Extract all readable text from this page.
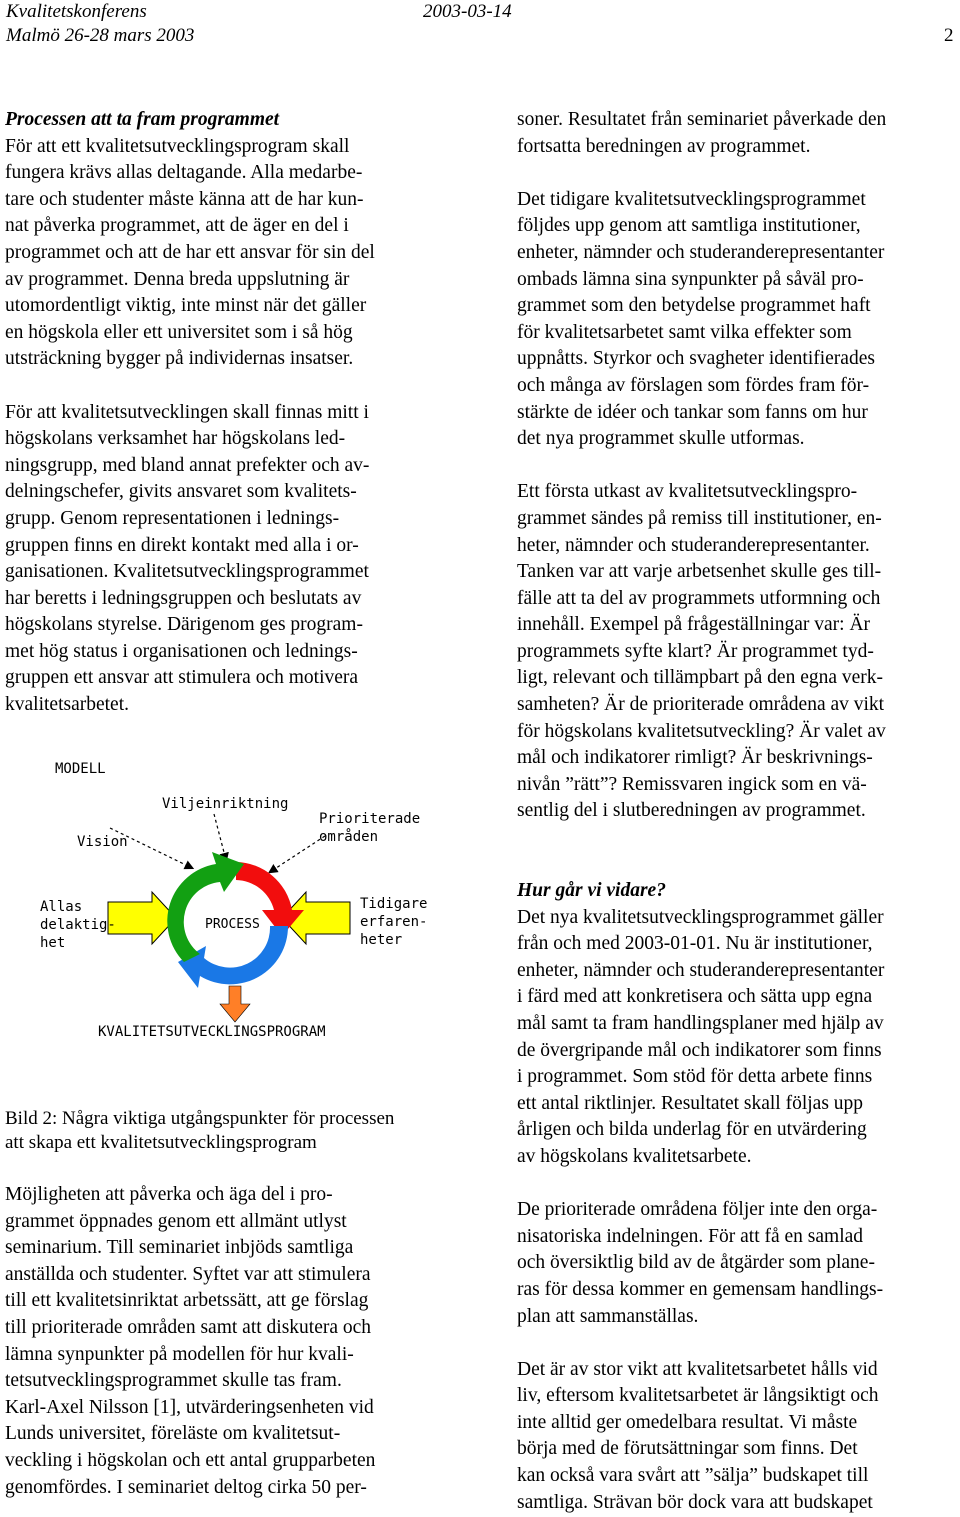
Kvalitetskonferens	2003-03-14
Malmö 26-28 mars 2003	2

Processen att ta fram programmet

För att ett kvalitetsutvecklingsprogram skall

fungera krävs allas deltagande. Alla medarbe-

tare och studenter måste känna att de har kun-

nat påverka programmet, att de äger en del i

programmet och att de har ett ansvar för sin del

av programmet. Denna breda uppslutning är

utomordentligt viktig, inte minst när det gäller

en högskola eller ett universitet som i så hög

utsträckning bygger på individernas insatser.

För att kvalitetsutvecklingen skall finnas mitt i

högskolans verksamhet har högskolans led-

ningsgrupp, med bland annat prefekter och av-

delningschefer, givits ansvaret som kvalitets-

grupp. Genom representationen i lednings-

gruppen finns en direkt kontakt med alla i or-

ganisationen. Kvalitetsutvecklingsprogrammet

har beretts i ledningsgruppen och beslutats av

högskolans styrelse. Därigenom ges program-

met hög status i organisationen och lednings-

gruppen ett ansvar att stimulera och motivera

kvalitetsarbetet.

MODELL
Vision
Viljeinriktning
Prioriterade
områden
Allas
delaktig-
het
Tidigare
erfaren-
heter
PROCESS
KVALITETSUTVECKLINGSPROGRAM
Bild 2: Några viktiga utgångspunkter för processen
att skapa ett kvalitetsutvecklingsprogram

Möjligheten att påverka och äga del i pro-

grammet öppnades genom ett allmänt utlyst

seminarium. Till seminariet inbjöds samtliga

anställda och studenter. Syftet var att stimulera

till ett kvalitetsinriktat arbetssätt, att ge förslag

till prioriterade områden samt att diskutera och

lämna synpunkter på modellen för hur kvali-

tetsutvecklingsprogrammet skulle tas fram.

Karl-Axel Nilsson [1], utvärderingsenheten vid

Lunds universitet, föreläste om kvalitetsut-

veckling i högskolan och ett antal grupparbeten

genomfördes. I seminariet deltog cirka 50 per-

soner. Resultatet från seminariet påverkade den

fortsatta beredningen av programmet.

Det tidigare kvalitetsutvecklingsprogrammet

följdes upp genom att samtliga institutioner,

enheter, nämnder och studeranderepresentanter

ombads lämna sina synpunkter på såväl pro-

grammet som den betydelse programmet haft

för kvalitetsarbetet samt vilka effekter som

uppnåtts. Styrkor och svagheter identifierades

och många av förslagen som fördes fram för-

stärkte de idéer och tankar som fanns om hur

det nya programmet skulle utformas.

Ett första utkast av kvalitetsutvecklingspro-

grammet sändes på remiss till institutioner, en-

heter, nämnder och studeranderepresentanter.

Tanken var att varje arbetsenhet skulle ges till-

fälle att ta del av programmets utformning och

innehåll. Exempel på frågeställningar var: Är

programmets syfte klart? Är programmet tyd-

ligt, relevant och tillämpbart på den egna verk-

samheten? Är de prioriterade områdena av vikt

för högskolans kvalitetsutveckling? Är valet av

mål och indikatorer rimligt? Är beskrivnings-

nivån ”rätt”? Remissvaren ingick som en vä-

sentlig del i slutberedningen av programmet.

Hur går vi vidare?

Det nya kvalitetsutvecklingsprogrammet gäller

från och med 2003-01-01. Nu är institutioner,

enheter, nämnder och studeranderepresentanter

i färd med att konkretisera och sätta upp egna

mål samt ta fram handlingsplaner med hjälp av

de övergripande mål och indikatorer som finns

i programmet. Som stöd för detta arbete finns

ett antal riktlinjer. Resultatet skall följas upp

årligen och bilda underlag för en utvärdering

av högskolans kvalitetsarbete.

De prioriterade områdena följer inte den orga-

nisatoriska indelningen. För att få en samlad

och översiktlig bild av de åtgärder som plane-

ras för dessa kommer en gemensam handlings-

plan att sammanställas.

Det är av stor vikt att kvalitetsarbetet hålls vid

liv, eftersom kvalitetsarbetet är långsiktigt och

inte alltid ger omedelbara resultat. Vi måste

börja med de förutsättningar som finns. Det

kan också vara svårt att ”sälja” budskapet till

samtliga. Strävan bör dock vara att budskapet
